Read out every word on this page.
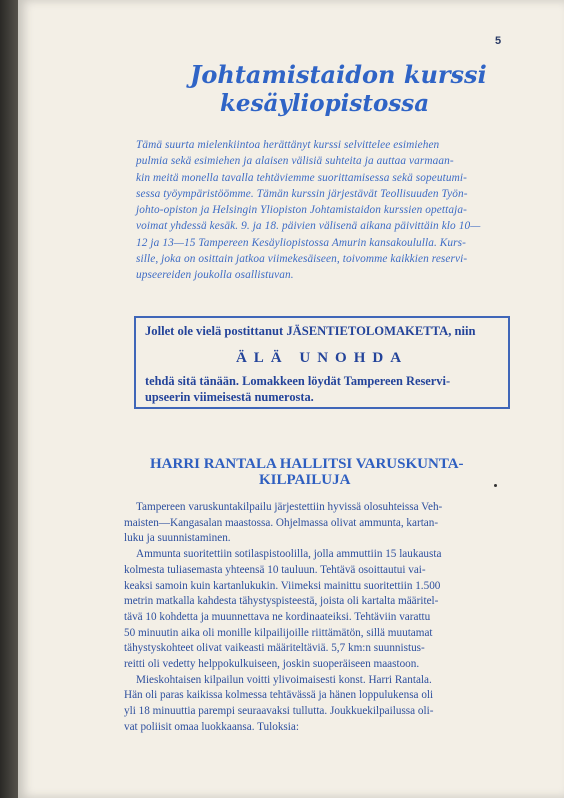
5
Johtamistaidon kurssi
kesäyliopistossa
Tämä suurta mielenkiintoa herättänyt kurssi selvittelee esimiehen
pulmia sekä esimiehen ja alaisen välisiä suhteita ja auttaa varmaan-
kin meitä monella tavalla tehtäviemme suorittamisessa sekä sopeutumi-
sessa työympäristöömme. Tämän kurssin järjestävät Teollisuuden Työn-
johto-opiston ja Helsingin Yliopiston Johtamistaidon kurssien opettaja-
voimat yhdessä kesäk. 9. ja 18. päivien välisenä aikana päivittäin klo 10—
12 ja 13—15 Tampereen Kesäyliopistossa Amurin kansakoululla. Kurs-
sille, joka on osittain jatkoa viimekesäiseen, toivomme kaikkien reservi-
upseereiden joukolla osallistuvan.
Jollet ole vielä postittanut JÄSENTIETOLOMAKETTA, niin
ÄLÄ UNOHDA
tehdä sitä tänään. Lomakkeen löydät Tampereen Reservi-
upseerin viimeisestä numerosta.
HARRI RANTALA HALLITSI VARUSKUNTA-
KILPAILUJA
Tampereen varuskuntakilpailu järjestettiin hyvissä olosuhteissa Veh-
maisten—Kangasalan maastossa. Ohjelmassa olivat ammunta, kartan-
luku ja suunnistaminen.
Ammunta suoritettiin sotilaspistoolilla, jolla ammuttiin 15 laukausta
kolmesta tuliasemasta yhteensä 10 tauluun. Tehtävä osoittautui vai-
keaksi samoin kuin kartanlukukin. Viimeksi mainittu suoritettiin 1.500
metrin matkalla kahdesta tähystyspisteestä, joista oli kartalta määritel-
tävä 10 kohdetta ja muunnettava ne kordinaateiksi. Tehtäviin varattu
50 minuutin aika oli monille kilpailijoille riittämätön, sillä muutamat
tähystyskohteet olivat vaikeasti määriteltäviä. 5,7 km:n suunnistus-
reitti oli vedetty helppokulkuiseen, joskin suoperäiseen maastoon.
Mieskohtaisen kilpailun voitti ylivoimaisesti konst. Harri Rantala.
Hän oli paras kaikissa kolmessa tehtävässä ja hänen loppulukensa oli
yli 18 minuuttia parempi seuraavaksi tullutta. Joukkuekilpailussa oli-
vat poliisit omaa luokkaansa. Tuloksia:
